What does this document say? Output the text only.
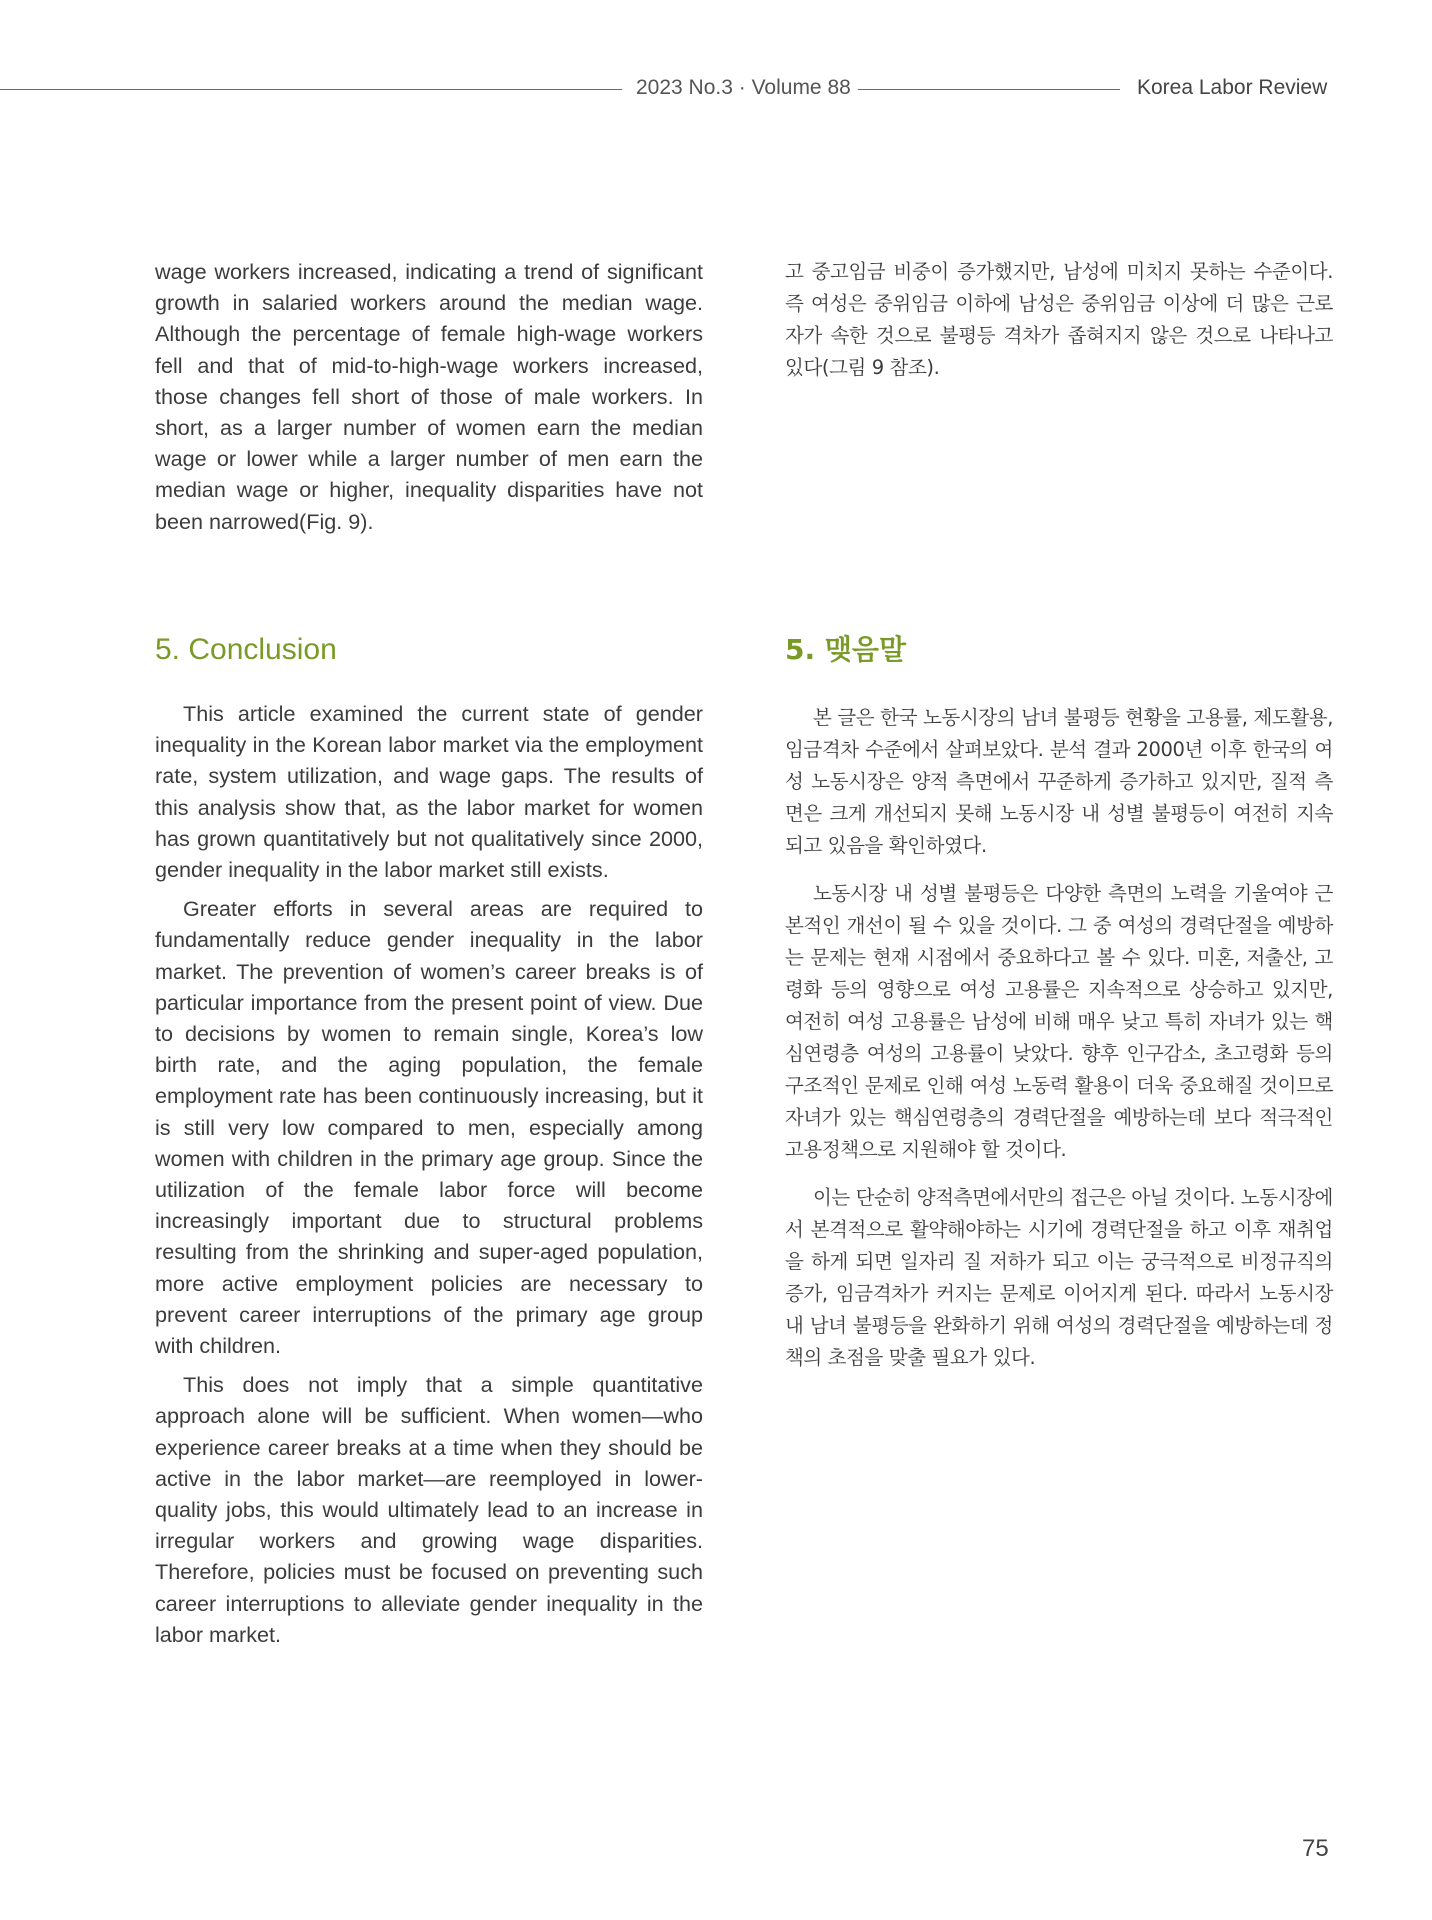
2023 No.3 · Volume 88	Korea Labor Review

wage workers increased, indicating a trend of significant growth in salaried workers around the median wage. Although the percentage of female high-wage workers fell and that of mid-to-high-wage workers increased, those changes fell short of those of male workers. In short, as a larger number of women earn the median wage or lower while a larger number of men earn the median wage or higher, inequality disparities have not been narrowed(Fig. 9).

5. Conclusion

This article examined the current state of gender inequality in the Korean labor market via the employment rate, system utilization, and wage gaps. The results of this analysis show that, as the labor market for women has grown quantitatively but not qualitatively since 2000, gender inequality in the labor market still exists.

Greater efforts in several areas are required to fundamentally reduce gender inequality in the labor market. The prevention of women’s career breaks is of particular importance from the present point of view. Due to decisions by women to remain single, Korea’s low birth rate, and the aging population, the female employment rate has been continuously increasing, but it is still very low compared to men, especially among women with children in the primary age group. Since the utilization of the female labor force will become increasingly important due to structural problems resulting from the shrinking and super-aged population, more active employment policies are necessary to prevent career interruptions of the primary age group with children.

This does not imply that a simple quantitative approach alone will be sufficient. When women—who experience career breaks at a time when they should be active in the labor market—are reemployed in lower-quality jobs, this would ultimately lead to an increase in irregular workers and growing wage disparities. Therefore, policies must be focused on preventing such career interruptions to alleviate gender inequality in the labor market.

고 중고임금 비중이 증가했지만, 남성에 미치지 못하는 수준이다. 즉 여성은 중위임금 이하에 남성은 중위임금 이상에 더 많은 근로자가 속한 것으로 불평등 격차가 좁혀지지 않은 것으로 나타나고 있다(그림 9 참조).

5. 맺음말

본 글은 한국 노동시장의 남녀 불평등 현황을 고용률, 제도활용, 임금격차 수준에서 살펴보았다. 분석 결과 2000년 이후 한국의 여성 노동시장은 양적 측면에서 꾸준하게 증가하고 있지만, 질적 측면은 크게 개선되지 못해 노동시장 내 성별 불평등이 여전히 지속되고 있음을 확인하였다.

노동시장 내 성별 불평등은 다양한 측면의 노력을 기울여야 근본적인 개선이 될 수 있을 것이다. 그 중 여성의 경력단절을 예방하는 문제는 현재 시점에서 중요하다고 볼 수 있다. 미혼, 저출산, 고령화 등의 영향으로 여성 고용률은 지속적으로 상승하고 있지만, 여전히 여성 고용률은 남성에 비해 매우 낮고 특히 자녀가 있는 핵심연령층 여성의 고용률이 낮았다. 향후 인구감소, 초고령화 등의 구조적인 문제로 인해 여성 노동력 활용이 더욱 중요해질 것이므로 자녀가 있는 핵심연령층의 경력단절을 예방하는데 보다 적극적인 고용정책으로 지원해야 할 것이다.

이는 단순히 양적측면에서만의 접근은 아닐 것이다. 노동시장에서 본격적으로 활약해야하는 시기에 경력단절을 하고 이후 재취업을 하게 되면 일자리 질 저하가 되고 이는 궁극적으로 비정규직의 증가, 임금격차가 커지는 문제로 이어지게 된다. 따라서 노동시장 내 남녀 불평등을 완화하기 위해 여성의 경력단절을 예방하는데 정책의 초점을 맞출 필요가 있다.

75
